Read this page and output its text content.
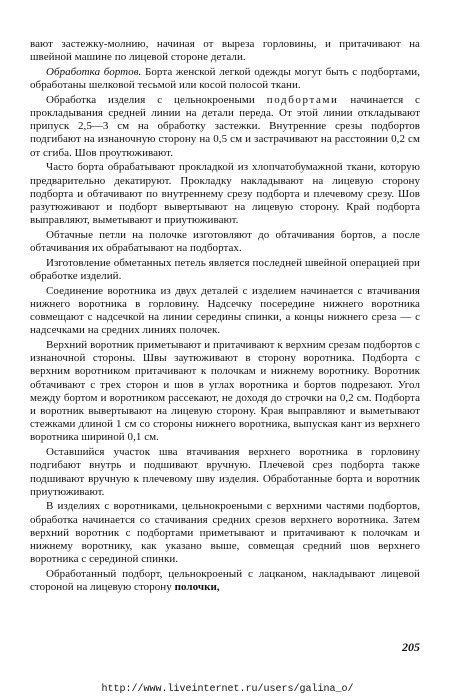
вают застежку-молнию, начиная от выреза горловины, и притачивают на швейной машине по лицевой стороне детали.

Обработка бортов. Борта женской легкой одежды могут быть с подбортами, обработаны шелковой тесьмой или косой полосой ткани.

Обработка изделия с цельнокроеными подбортами начинается с прокладывания средней линии на детали переда. От этой линии откладывают припуск 2,5—3 см на обработку застежки. Внутренние срезы подбортов подгибают на изнаночную сторону на 0,5 см и застрачивают на расстоянии 0,2 см от сгиба. Шов проутюживают.

Часто борта обрабатывают прокладкой из хлопчатобумажной ткани, которую предварительно декатируют. Прокладку накладывают на лицевую сторону подборта и обтачивают по внутреннему срезу подборта и плечевому срезу. Шов разутюживают и подборт вывертывают на лицевую сторону. Край подборта выправляют, выметывают и приутюживают.

Обтачные петли на полочке изготовляют до обтачивания бортов, а после обтачивания их обрабатывают на подбортах.

Изготовление обметанных петель является последней швейной операцией при обработке изделий.

Соединение воротника из двух деталей с изделием начинается с втачивания нижнего воротника в горловину. Надсечку посередине нижнего воротника совмещают с надсечкой на линии середины спинки, а концы нижнего среза — с надсечками на средних линиях полочек.

Верхний воротник приметывают и притачивают к верхним срезам подбортов с изнаночной стороны. Швы заутюживают в сторону воротника. Подборта с верхним воротником притачивают к полочкам и нижнему воротнику. Воротник обтачивают с трех сторон и шов в углах воротника и бортов подрезают. Угол между бортом и воротником рассекают, не доходя до строчки на 0,2 см. Подборта и воротник вывертывают на лицевую сторону. Края выправляют и выметывают стежками длиной 1 см со стороны нижнего воротника, выпуская кант из верхнего воротника шириной 0,1 см.

Оставшийся участок шва втачивания верхнего воротника в горловину подгибают внутрь и подшивают вручную. Плечевой срез подборта также подшивают вручную к плечевому шву изделия. Обработанные борта и воротник приутюживают.

В изделиях с воротниками, цельнокроеными с верхними частями подбортов, обработка начинается со стачивания средних срезов верхнего воротника. Затем верхний воротник с подбортами приметывают и притачивают к полочкам и нижнему воротнику, как указано выше, совмещая средний шов верхнего воротника с серединой спинки.

Обработанный подборт, цельнокроеный с лацканом, накладывают лицевой стороной на лицевую сторону полочки,

205
http://www.liveinternet.ru/users/galina_o/
